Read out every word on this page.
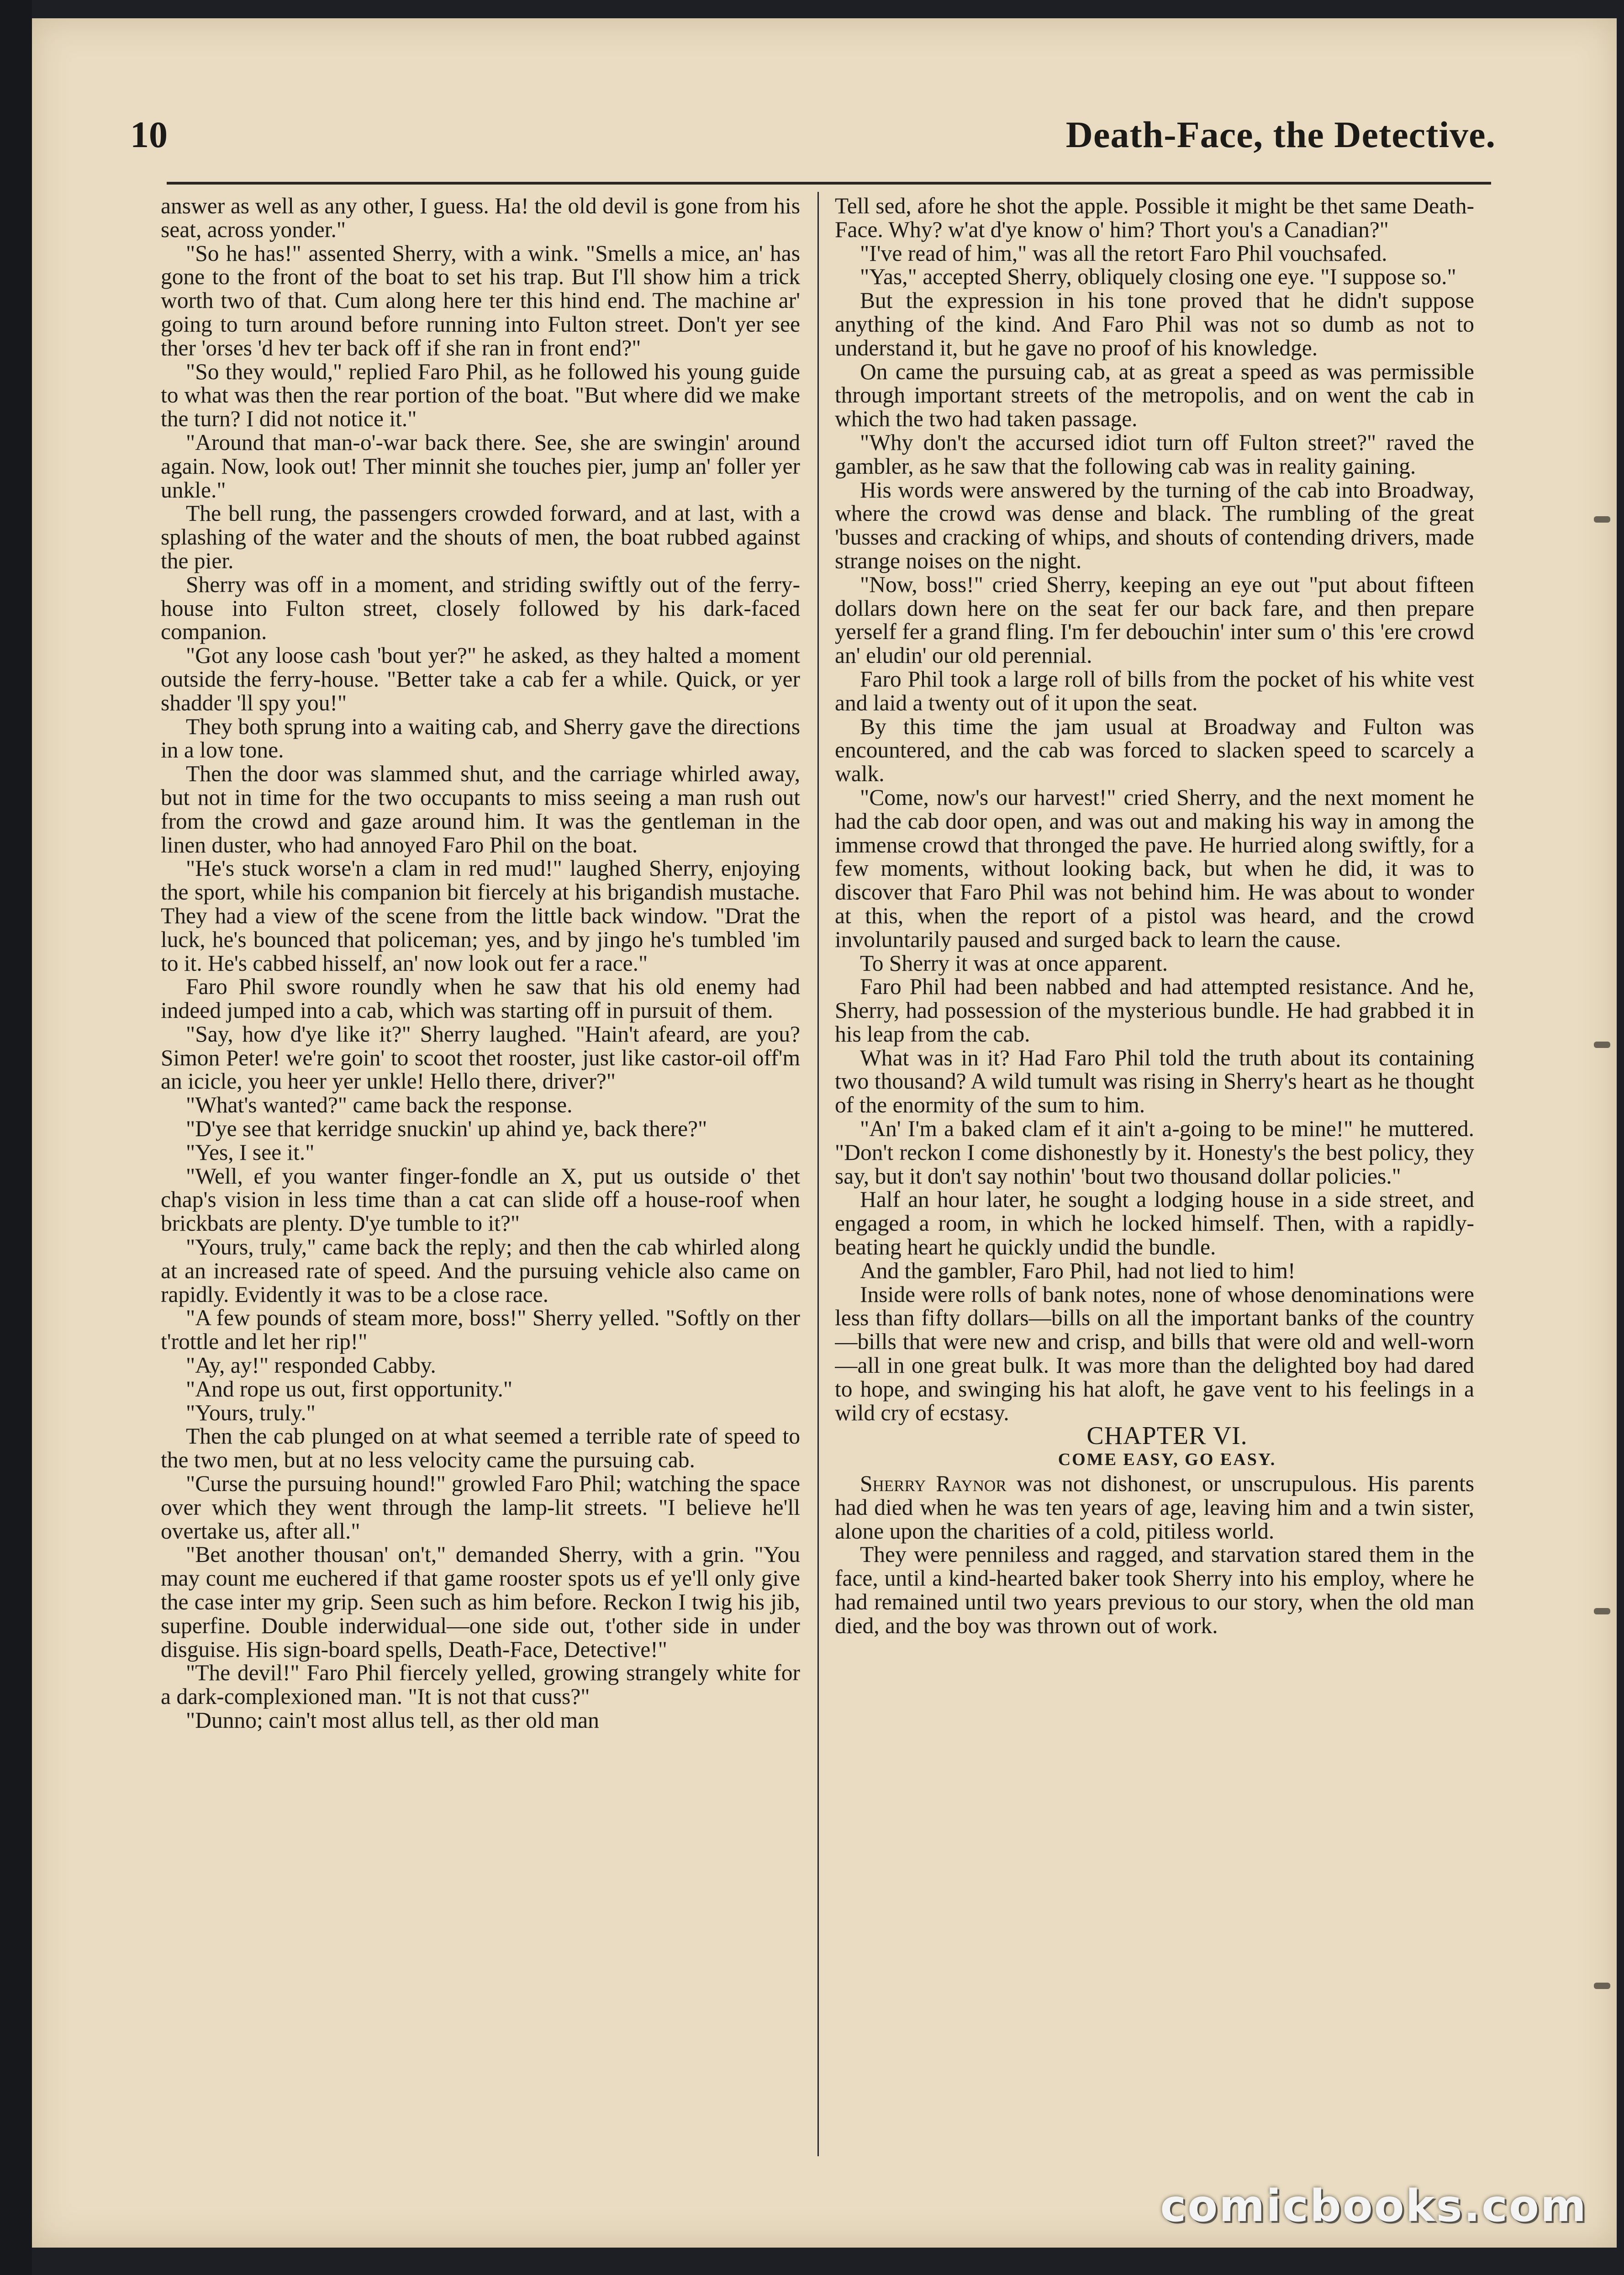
10	Death-Face, the Detective.

answer as well as any other, I guess. Ha! the old devil is gone from his seat, across yonder."

"So he has!" assented Sherry, with a wink. "Smells a mice, an' has gone to the front of the boat to set his trap. But I'll show him a trick worth two of that. Cum along here ter this hind end. The machine ar' going to turn around before running into Fulton street. Don't yer see ther 'orses 'd hev ter back off if she ran in front end?"

"So they would," replied Faro Phil, as he followed his young guide to what was then the rear portion of the boat. "But where did we make the turn? I did not notice it."

"Around that man-o'-war back there. See, she are swingin' around again. Now, look out! Ther minnit she touches pier, jump an' foller yer unkle."

The bell rung, the passengers crowded forward, and at last, with a splashing of the water and the shouts of men, the boat rubbed against the pier.

Sherry was off in a moment, and striding swiftly out of the ferry-house into Fulton street, closely followed by his dark-faced companion.

"Got any loose cash 'bout yer?" he asked, as they halted a moment outside the ferry-house. "Better take a cab fer a while. Quick, or yer shadder 'll spy you!"

They both sprung into a waiting cab, and Sherry gave the directions in a low tone.

Then the door was slammed shut, and the carriage whirled away, but not in time for the two occupants to miss seeing a man rush out from the crowd and gaze around him. It was the gentleman in the linen duster, who had annoyed Faro Phil on the boat.

"He's stuck worse'n a clam in red mud!" laughed Sherry, enjoying the sport, while his companion bit fiercely at his brigandish mustache. They had a view of the scene from the little back window. "Drat the luck, he's bounced that policeman; yes, and by jingo he's tumbled 'im to it. He's cabbed hisself, an' now look out fer a race."

Faro Phil swore roundly when he saw that his old enemy had indeed jumped into a cab, which was starting off in pursuit of them.

"Say, how d'ye like it?" Sherry laughed. "Hain't afeard, are you? Simon Peter! we're goin' to scoot thet rooster, just like castor-oil off'm an icicle, you heer yer unkle! Hello there, driver?"

"What's wanted?" came back the response.

"D'ye see that kerridge snuckin' up ahind ye, back there?"

"Yes, I see it."

"Well, ef you wanter finger-fondle an X, put us outside o' thet chap's vision in less time than a cat can slide off a house-roof when brickbats are plenty. D'ye tumble to it?"

"Yours, truly," came back the reply; and then the cab whirled along at an increased rate of speed. And the pursuing vehicle also came on rapidly. Evidently it was to be a close race.

"A few pounds of steam more, boss!" Sherry yelled. "Softly on ther t'rottle and let her rip!"

"Ay, ay!" responded Cabby.

"And rope us out, first opportunity."

"Yours, truly."

Then the cab plunged on at what seemed a terrible rate of speed to the two men, but at no less velocity came the pursuing cab.

"Curse the pursuing hound!" growled Faro Phil; watching the space over which they went through the lamp-lit streets. "I believe he'll overtake us, after all."

"Bet another thousan' on't," demanded Sherry, with a grin. "You may count me euchered if that game rooster spots us ef ye'll only give the case inter my grip. Seen such as him before. Reckon I twig his jib, superfine. Double inderwidual—one side out, t'other side in under disguise. His sign-board spells, Death-Face, Detective!"

"The devil!" Faro Phil fiercely yelled, growing strangely white for a dark-complexioned man. "It is not that cuss?"

"Dunno; cain't most allus tell, as ther old man

Tell sed, afore he shot the apple. Possible it might be thet same Death-Face. Why? w'at d'ye know o' him? Thort you's a Canadian?"

"I've read of him," was all the retort Faro Phil vouchsafed.

"Yas," accepted Sherry, obliquely closing one eye. "I suppose so."

But the expression in his tone proved that he didn't suppose anything of the kind. And Faro Phil was not so dumb as not to understand it, but he gave no proof of his knowledge.

On came the pursuing cab, at as great a speed as was permissible through important streets of the metropolis, and on went the cab in which the two had taken passage.

"Why don't the accursed idiot turn off Fulton street?" raved the gambler, as he saw that the following cab was in reality gaining.

His words were answered by the turning of the cab into Broadway, where the crowd was dense and black. The rumbling of the great 'busses and cracking of whips, and shouts of contending drivers, made strange noises on the night.

"Now, boss!" cried Sherry, keeping an eye out "put about fifteen dollars down here on the seat fer our back fare, and then prepare yerself fer a grand fling. I'm fer debouchin' inter sum o' this 'ere crowd an' eludin' our old perennial.

Faro Phil took a large roll of bills from the pocket of his white vest and laid a twenty out of it upon the seat.

By this time the jam usual at Broadway and Fulton was encountered, and the cab was forced to slacken speed to scarcely a walk.

"Come, now's our harvest!" cried Sherry, and the next moment he had the cab door open, and was out and making his way in among the immense crowd that thronged the pave. He hurried along swiftly, for a few moments, without looking back, but when he did, it was to discover that Faro Phil was not behind him. He was about to wonder at this, when the report of a pistol was heard, and the crowd involuntarily paused and surged back to learn the cause.

To Sherry it was at once apparent.

Faro Phil had been nabbed and had attempted resistance. And he, Sherry, had possession of the mysterious bundle. He had grabbed it in his leap from the cab.

What was in it? Had Faro Phil told the truth about its containing two thousand? A wild tumult was rising in Sherry's heart as he thought of the enormity of the sum to him.

"An' I'm a baked clam ef it ain't a-going to be mine!" he muttered. "Don't reckon I come dishonestly by it. Honesty's the best policy, they say, but it don't say nothin' 'bout two thousand dollar policies."

Half an hour later, he sought a lodging house in a side street, and engaged a room, in which he locked himself. Then, with a rapidly-beating heart he quickly undid the bundle.

And the gambler, Faro Phil, had not lied to him!

Inside were rolls of bank notes, none of whose denominations were less than fifty dollars—bills on all the important banks of the country—bills that were new and crisp, and bills that were old and well-worn—all in one great bulk. It was more than the delighted boy had dared to hope, and swinging his hat aloft, he gave vent to his feelings in a wild cry of ecstasy.

CHAPTER VI.

COME EASY, GO EASY.

Sherry Raynor was not dishonest, or unscrupulous. His parents had died when he was ten years of age, leaving him and a twin sister, alone upon the charities of a cold, pitiless world.

They were penniless and ragged, and starvation stared them in the face, until a kind-hearted baker took Sherry into his employ, where he had remained until two years previous to our story, when the old man died, and the boy was thrown out of work.

comicbooks.com
